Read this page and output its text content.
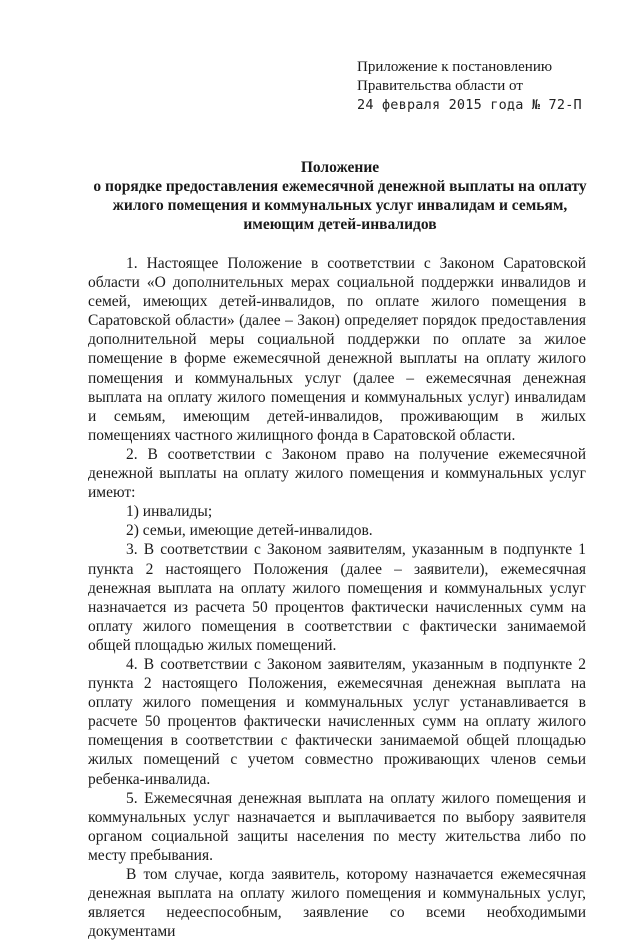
Приложение к постановлению
Правительства области от
24 февраля 2015 года № 72-П
Положение
о порядке предоставления ежемесячной денежной выплаты на оплату
жилого помещения и коммунальных услуг инвалидам и семьям,
имеющим детей-инвалидов

1. Настоящее Положение в соответствии с Законом Саратовской области «О дополнительных мерах социальной поддержки инвалидов и семей, имеющих детей-инвалидов, по оплате жилого помещения в Саратовской области» (далее – Закон) определяет порядок предоставления дополнительной меры социальной поддержки по оплате за жилое помещение в форме ежемесячной денежной выплаты на оплату жилого помещения и коммунальных услуг (далее – ежемесячная денежная выплата на оплату жилого помещения и коммунальных услуг) инвалидам и семьям, имеющим детей-инвалидов, проживающим в жилых помещениях частного жилищного фонда в Саратовской области.

2. В соответствии с Законом право на получение ежемесячной денежной выплаты на оплату жилого помещения и коммунальных услуг имеют:

1) инвалиды;

2) семьи, имеющие детей-инвалидов.

3. В соответствии с Законом заявителям, указанным в подпункте 1 пункта 2 настоящего Положения (далее – заявители), ежемесячная денежная выплата на оплату жилого помещения и коммунальных услуг назначается из расчета 50 процентов фактически начисленных сумм на оплату жилого помещения в соответствии с фактически занимаемой общей площадью жилых помещений.

4. В соответствии с Законом заявителям, указанным в подпункте 2 пункта 2 настоящего Положения, ежемесячная денежная выплата на оплату жилого помещения и коммунальных услуг устанавливается в расчете 50 процентов фактически начисленных сумм на оплату жилого помещения в соответствии с фактически занимаемой общей площадью жилых помещений с учетом совместно проживающих членов семьи ребенка-инвалида.

5. Ежемесячная денежная выплата на оплату жилого помещения и коммунальных услуг назначается и выплачивается по выбору заявителя органом социальной защиты населения по месту жительства либо по месту пребывания.

В том случае, когда заявитель, которому назначается ежемесячная денежная выплата на оплату жилого помещения и коммунальных услуг, является недееспособным, заявление со всеми необходимыми документами
